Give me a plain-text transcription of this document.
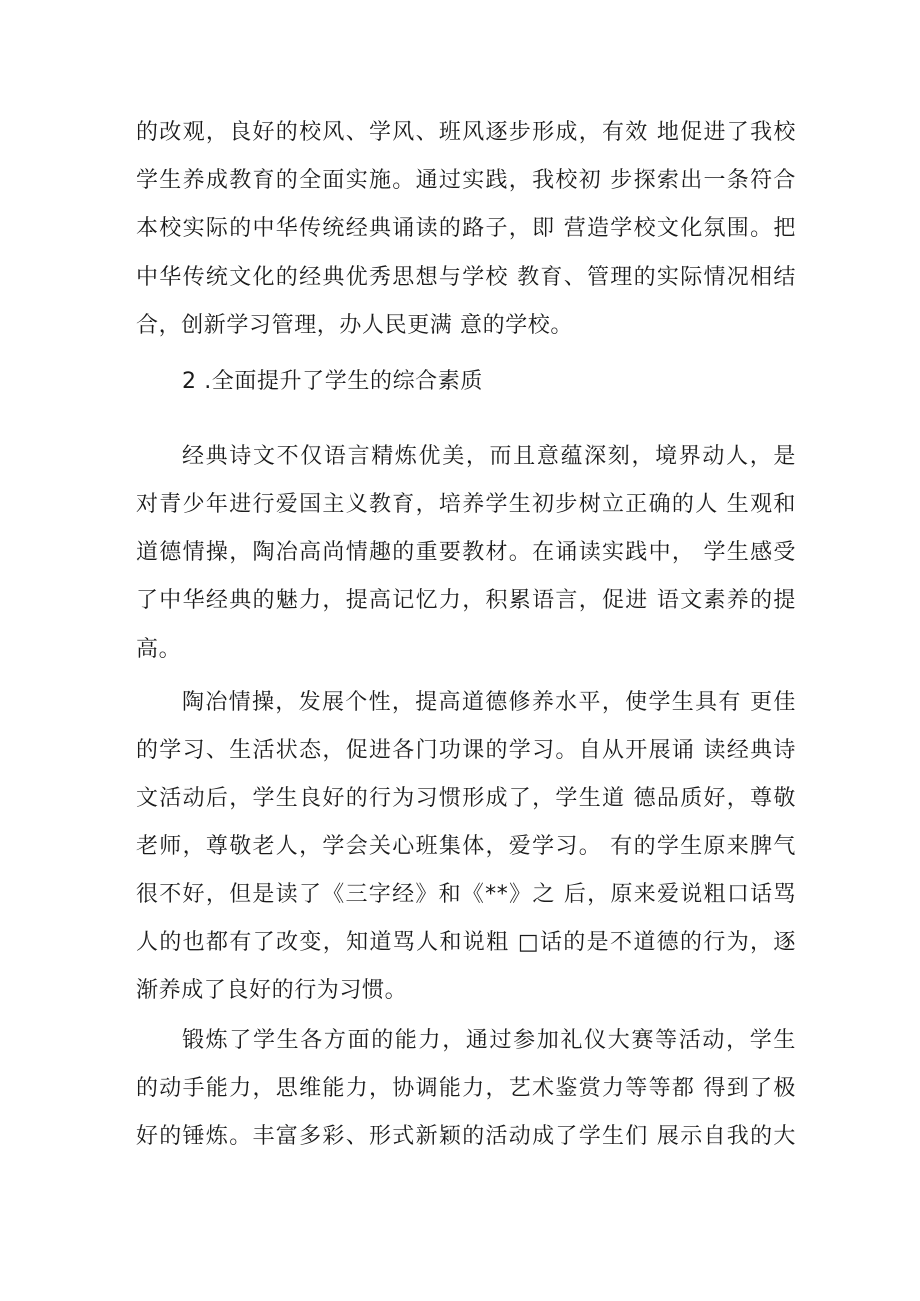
的改观，良好的校风、学风、班风逐步形成，有效 地促进了我校
学生养成教育的全面实施。通过实践，我校初 步探索出一条符合
本校实际的中华传统经典诵读的路子，即 营造学校文化氛围。把
中华传统文化的经典优秀思想与学校 教育、管理的实际情况相结
合，创新学习管理，办人民更满 意的学校。
2 .全面提升了学生的综合素质
经典诗文不仅语言精炼优美，而且意蕴深刻，境界动人，是
对青少年进行爱国主义教育，培养学生初步树立正确的人 生观和
道德情操，陶冶高尚情趣的重要教材。在诵读实践中， 学生感受
了中华经典的魅力，提高记忆力，积累语言，促进 语文素养的提
高。
陶冶情操，发展个性，提高道德修养水平，使学生具有 更佳
的学习、生活状态，促进各门功课的学习。自从开展诵 读经典诗
文活动后，学生良好的行为习惯形成了，学生道 德品质好，尊敬
老师，尊敬老人，学会关心班集体，爱学习。 有的学生原来脾气
很不好，但是读了《三字经》和《**》之 后，原来爱说粗口话骂
人的也都有了改变，知道骂人和说粗 □话的是不道德的行为，逐
渐养成了良好的行为习惯。
锻炼了学生各方面的能力，通过参加礼仪大赛等活动，学生
的动手能力，思维能力，协调能力，艺术鉴赏力等等都 得到了极
好的锤炼。丰富多彩、形式新颖的活动成了学生们 展示自我的大
